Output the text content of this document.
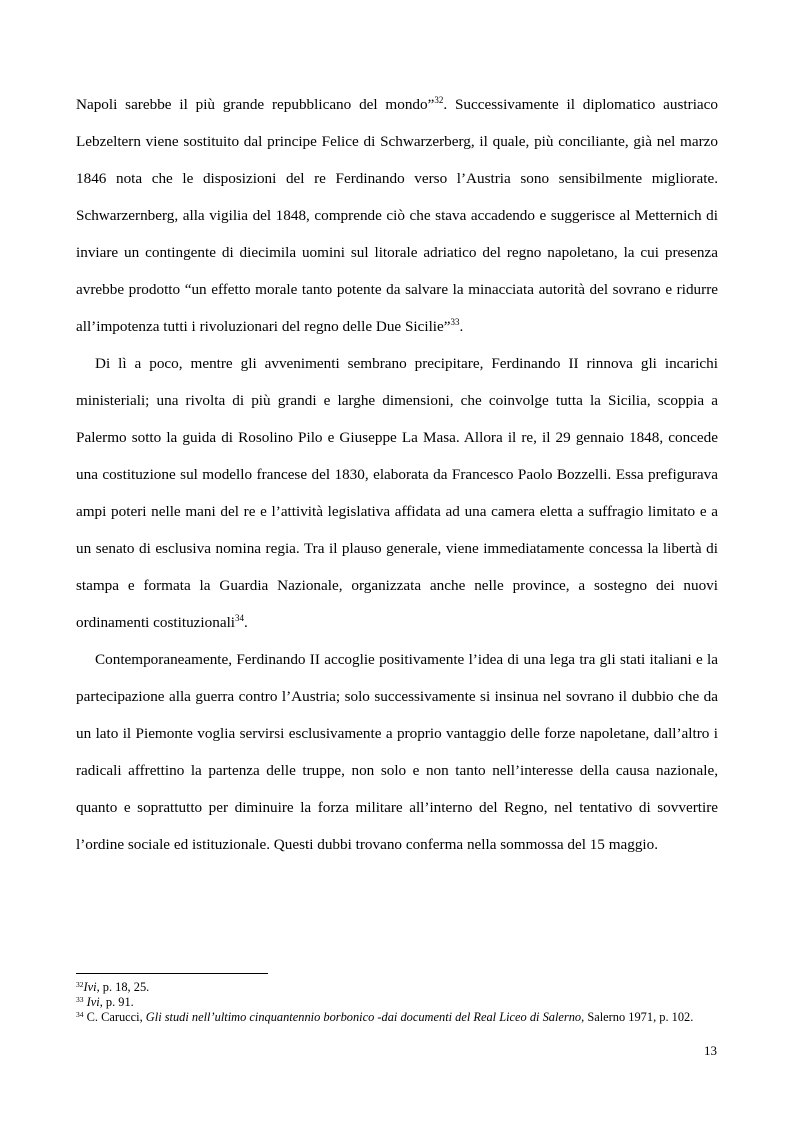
Napoli sarebbe il più grande repubblicano del mondo”$^{32}$. Successivamente il diplomatico austriaco Lebzeltern viene sostituito dal principe Felice di Schwarzerberg, il quale, più conciliante, già nel marzo 1846 nota che le disposizioni del re Ferdinando verso l’Austria sono sensibilmente migliorate. Schwarzernberg, alla vigilia del 1848, comprende ciò che stava accadendo e suggerisce al Metternich di inviare un contingente di diecimila uomini sul litorale adriatico del regno napoletano, la cui presenza avrebbe prodotto “un effetto morale tanto potente da salvare la minacciata autorità del sovrano e ridurre all’impotenza tutti i rivoluzionari del regno delle Due Sicilie”$^{33}$.

Di lì a poco, mentre gli avvenimenti sembrano precipitare, Ferdinando II rinnova gli incarichi ministeriali; una rivolta di più grandi e larghe dimensioni, che coinvolge tutta la Sicilia, scoppia a Palermo sotto la guida di Rosolino Pilo e Giuseppe La Masa. Allora il re, il 29 gennaio 1848, concede una costituzione sul modello francese del 1830, elaborata da Francesco Paolo Bozzelli. Essa prefigurava ampi poteri nelle mani del re e l’attività legislativa affidata ad una camera eletta a suffragio limitato e a un senato di esclusiva nomina regia. Tra il plauso generale, viene immediatamente concessa la libertà di stampa e formata la Guardia Nazionale, organizzata anche nelle province, a sostegno dei nuovi ordinamenti costituzionali$^{34}$.

Contemporaneamente, Ferdinando II accoglie positivamente l’idea di una lega tra gli stati italiani e la partecipazione alla guerra contro l’Austria; solo successivamente si insinua nel sovrano il dubbio che da un lato il Piemonte voglia servirsi esclusivamente a proprio vantaggio delle forze napoletane, dall’altro i radicali affrettino la partenza delle truppe, non solo e non tanto nell’interesse della causa nazionale, quanto e soprattutto per diminuire la forza militare all’interno del Regno, nel tentativo di sovvertire l’ordine sociale ed istituzionale. Questi dubbi trovano conferma nella sommossa del 15 maggio.

$^{32}$Ivi, p. 18, 25.

$^{33}$ Ivi, p. 91.

$^{34}$ C. Carucci, Gli studi nell’ultimo cinquantennio borbonico -dai documenti del Real Liceo di Salerno, Salerno 1971, p. 102.

13
